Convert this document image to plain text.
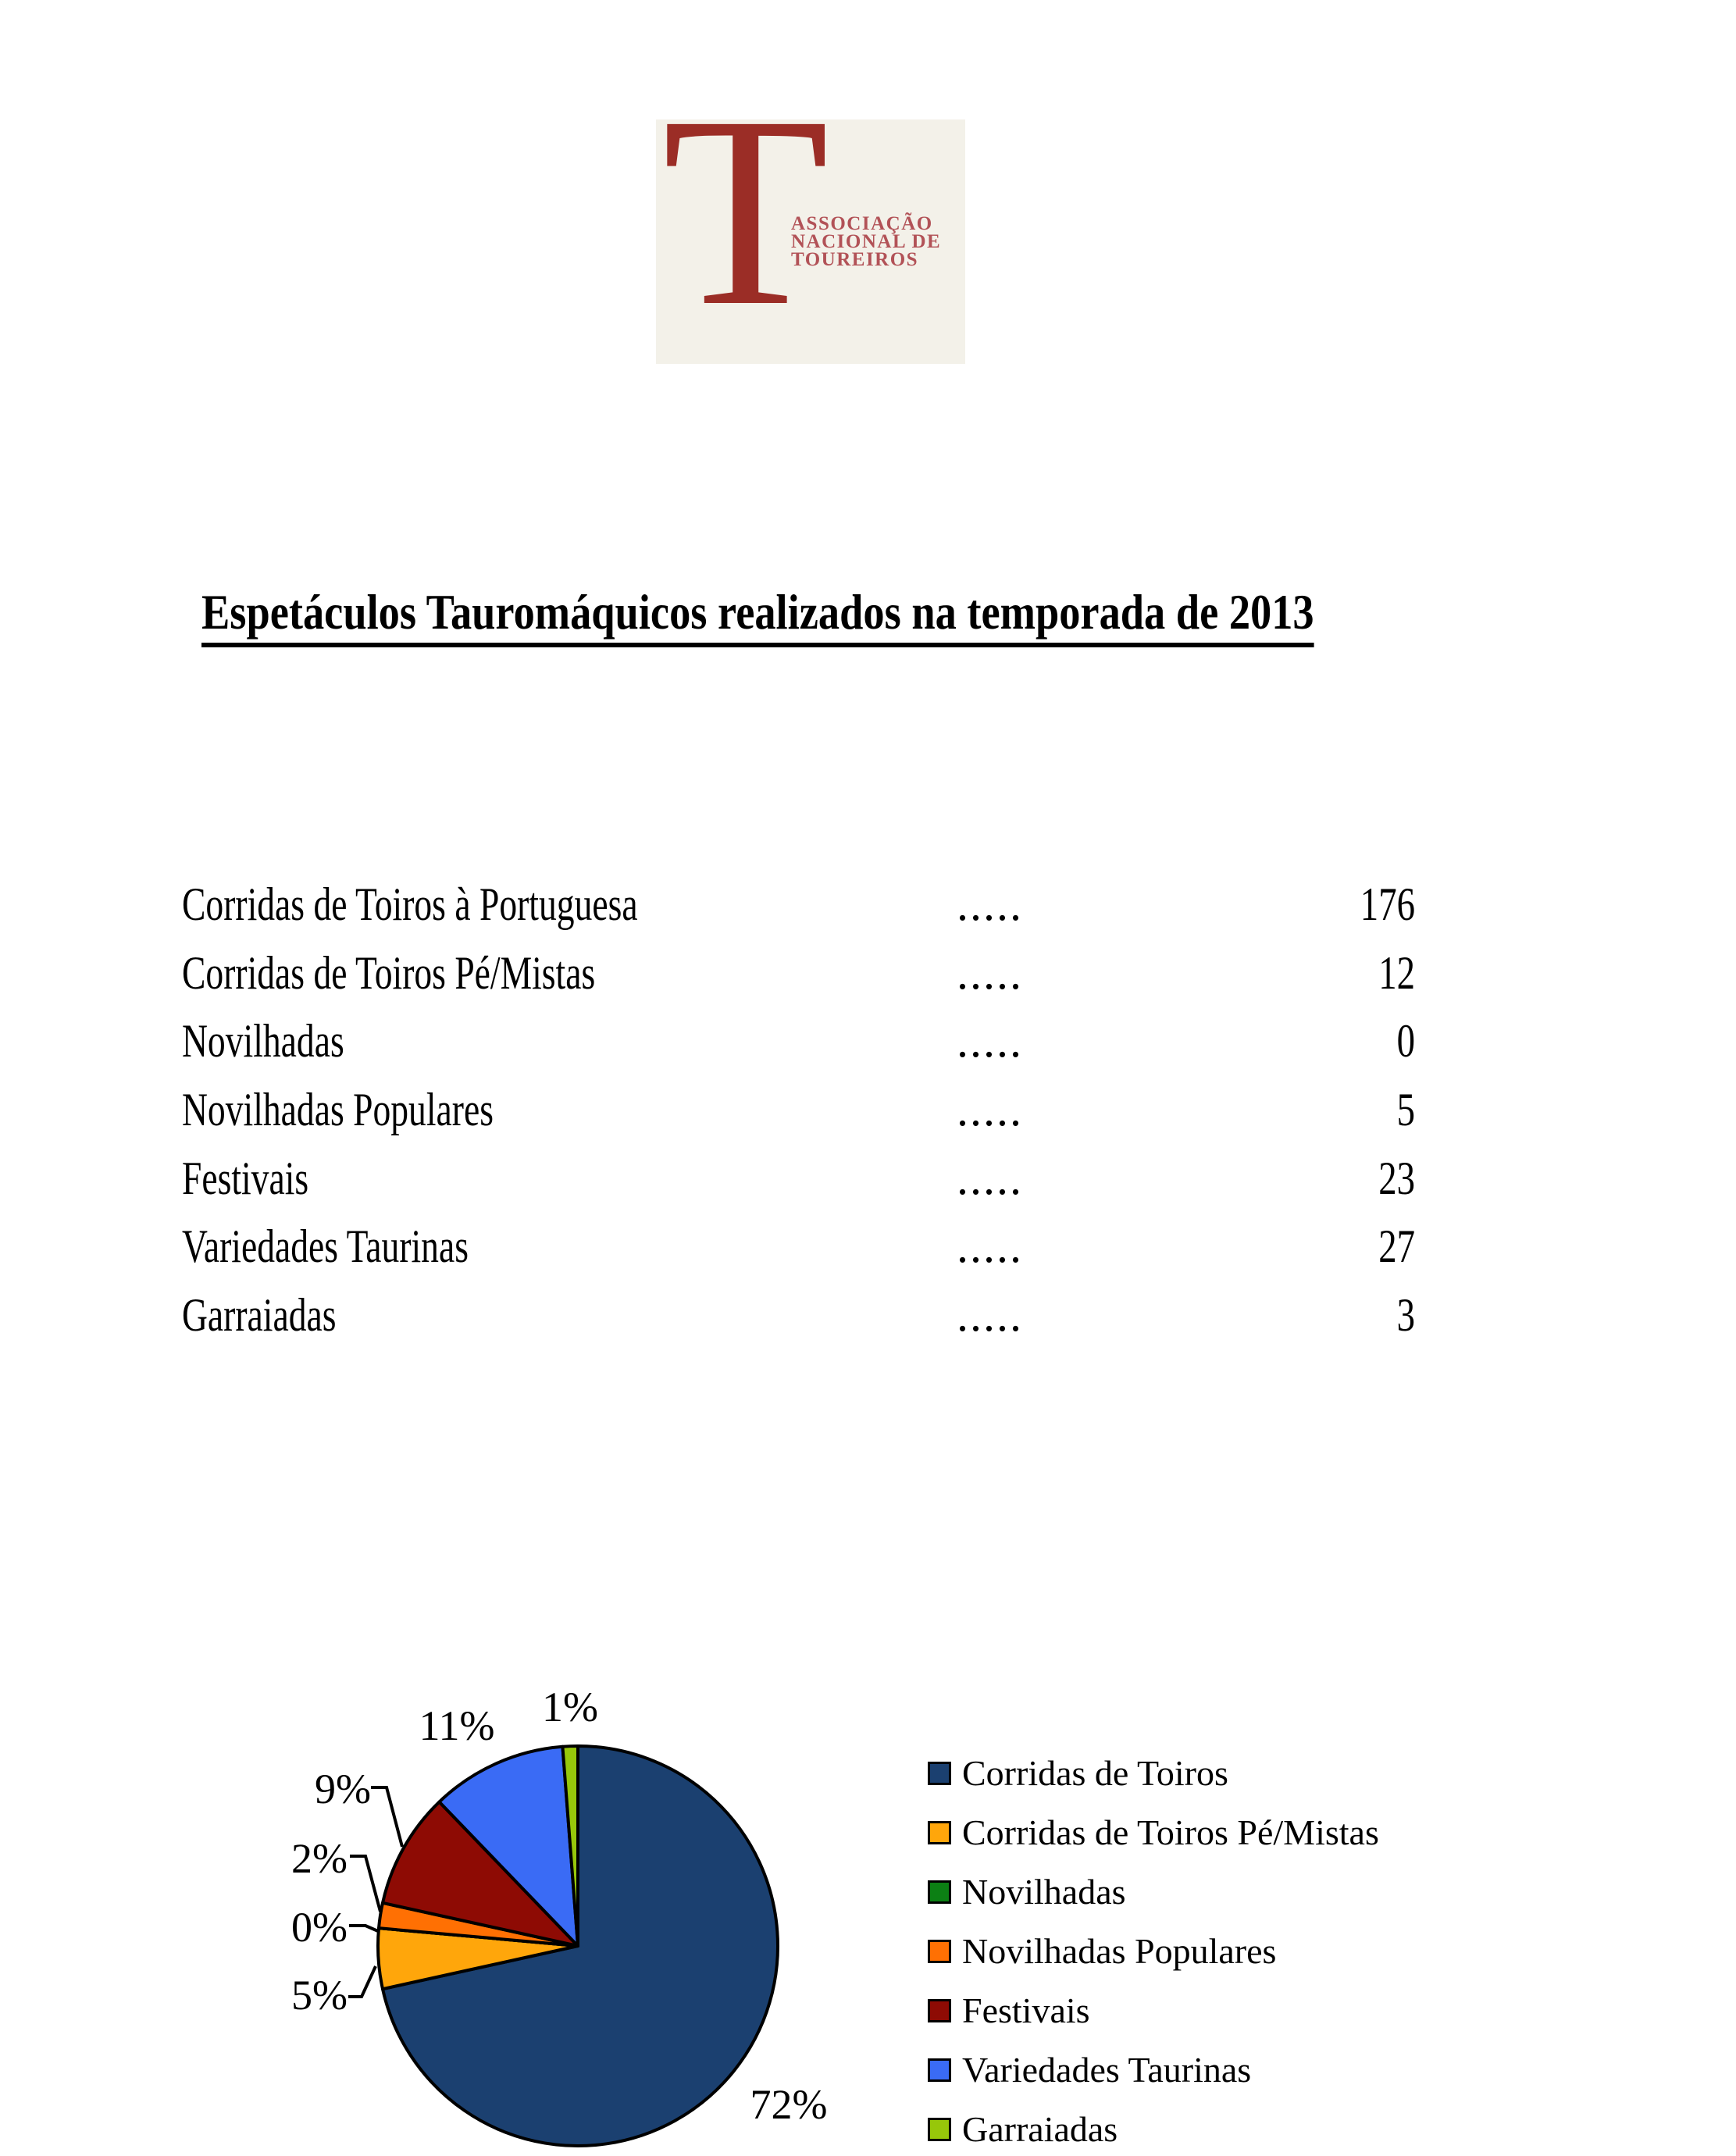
T
ASSOCIAÇÃO
NACIONAL DE
TOUREIROS
Espetáculos Tauromáquicos realizados na temporada de 2013
Corridas de Toiros à Portuguesa	.....	176
Corridas de Toiros Pé/Mistas	.....	12
Novilhadas	.....	0
Novilhadas Populares	.....	5
Festivais	.....	23
Variedades Taurinas	.....	27
Garraiadas	.....	3
72%
5%
0%
2%
9%
11% 1%
Corridas de Toiros
Corridas de Toiros Pé/Mistas
Novilhadas
Novilhadas Populares
Festivais
Variedades Taurinas
Garraiadas
